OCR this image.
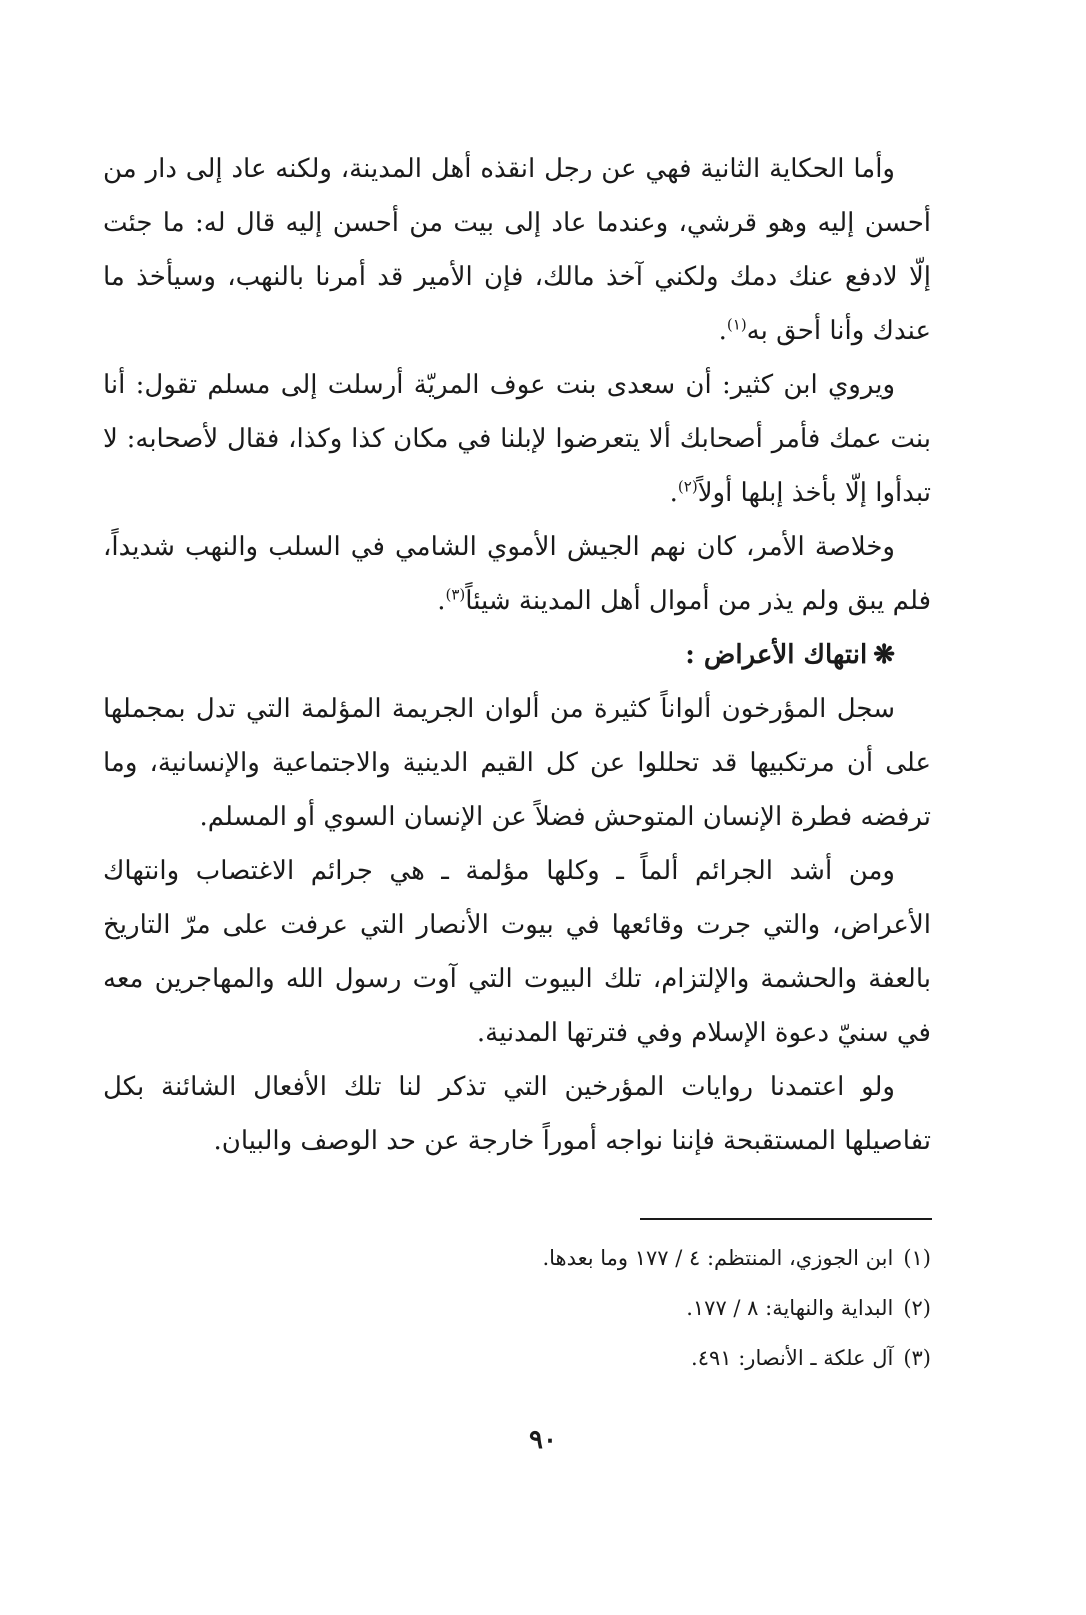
وأما الحكاية الثانية فهي عن رجل انقذه أهل المدينة، ولكنه عاد إلى دار من أحسن إليه وهو قرشي، وعندما عاد إلى بيت من أحسن إليه قال له: ما جئت إلّا لادفع عنك دمك ولكني آخذ مالك، فإن الأمير قد أمرنا بالنهب، وسيأخذ ما عندك وأنا أحق به$^{(١)}$.

ويروي ابن كثير: أن سعدى بنت عوف المريّة أرسلت إلى مسلم تقول: أنا بنت عمك فأمر أصحابك ألا يتعرضوا لإبلنا في مكان كذا وكذا، فقال لأصحابه: لا تبدأوا إلّا بأخذ إبلها أولاً$^{(٢)}$.

وخلاصة الأمر، كان نهم الجيش الأموي الشامي في السلب والنهب شديداً، فلم يبق ولم يذر من أموال أهل المدينة شيئاً$^{(٣)}$.

❋انتهاك الأعراض :

سجل المؤرخون ألواناً كثيرة من ألوان الجريمة المؤلمة التي تدل بمجملها على أن مرتكبيها قد تحللوا عن كل القيم الدينية والاجتماعية والإنسانية، وما ترفضه فطرة الإنسان المتوحش فضلاً عن الإنسان السوي أو المسلم.

ومن أشد الجرائم ألماً ـ وكلها مؤلمة ـ هي جرائم الاغتصاب وانتهاك الأعراض، والتي جرت وقائعها في بيوت الأنصار التي عرفت على مرّ التاريخ بالعفة والحشمة والإلتزام، تلك البيوت التي آوت رسول الله والمهاجرين معه في سنيّ دعوة الإسلام وفي فترتها المدنية.

ولو اعتمدنا روايات المؤرخين التي تذكر لنا تلك الأفعال الشائنة بكل تفاصيلها المستقبحة فإننا نواجه أموراً خارجة عن حد الوصف والبيان.

(١)ابن الجوزي، المنتظم: ٤ / ١٧٧ وما بعدها.

(٢)البداية والنهاية: ٨ / ١٧٧.

(٣)آل علكة ـ الأنصار: ٤٩١.

٩٠
